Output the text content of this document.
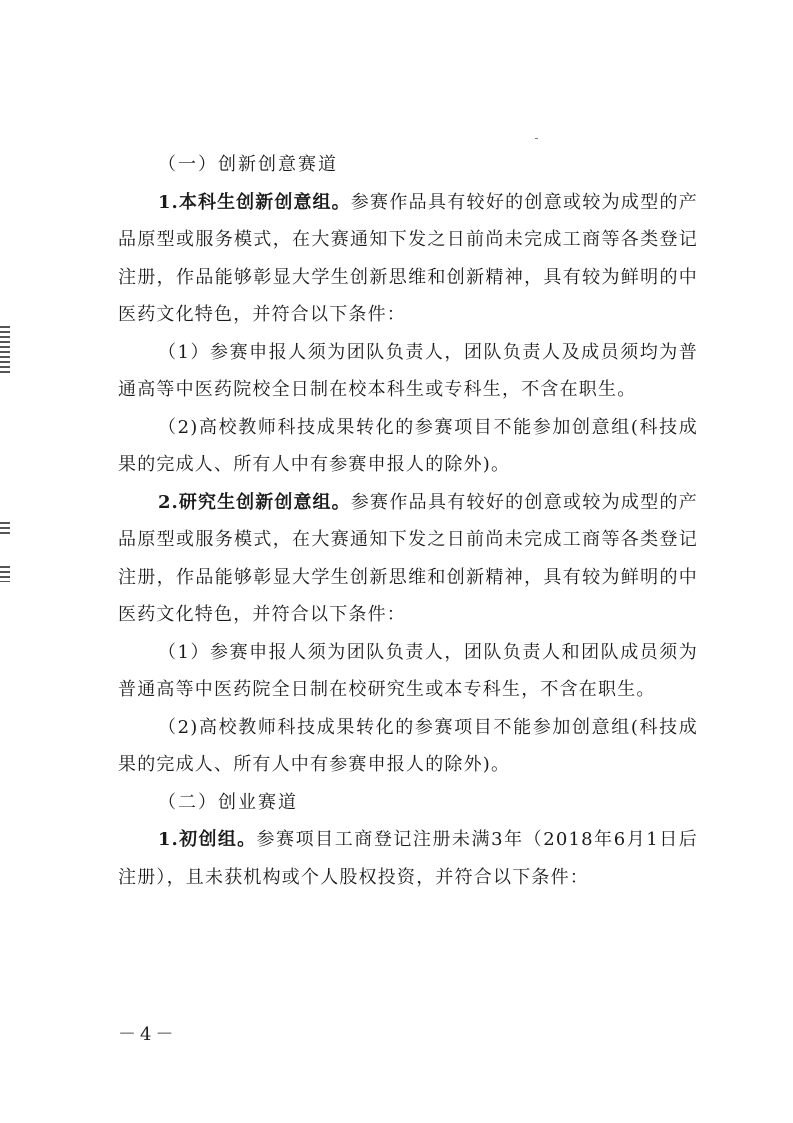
（一）创新创意赛道

1.本科生创新创意组。参赛作品具有较好的创意或较为成型的产品原型或服务模式，在大赛通知下发之日前尚未完成工商等各类登记注册，作品能够彰显大学生创新思维和创新精神，具有较为鲜明的中医药文化特色，并符合以下条件：

（1）参赛申报人须为团队负责人，团队负责人及成员须均为普通高等中医药院校全日制在校本科生或专科生，不含在职生。

（2)高校教师科技成果转化的参赛项目不能参加创意组(科技成果的完成人、所有人中有参赛申报人的除外)。

2.研究生创新创意组。参赛作品具有较好的创意或较为成型的产品原型或服务模式，在大赛通知下发之日前尚未完成工商等各类登记注册，作品能够彰显大学生创新思维和创新精神，具有较为鲜明的中医药文化特色，并符合以下条件：

（1）参赛申报人须为团队负责人，团队负责人和团队成员须为普通高等中医药院全日制在校研究生或本专科生，不含在职生。

（2)高校教师科技成果转化的参赛项目不能参加创意组(科技成果的完成人、所有人中有参赛申报人的除外)。

（二）创业赛道

1.初创组。参赛项目工商登记注册未满3年（2018年6月1日后注册），且未获机构或个人股权投资，并符合以下条件：

－4－
